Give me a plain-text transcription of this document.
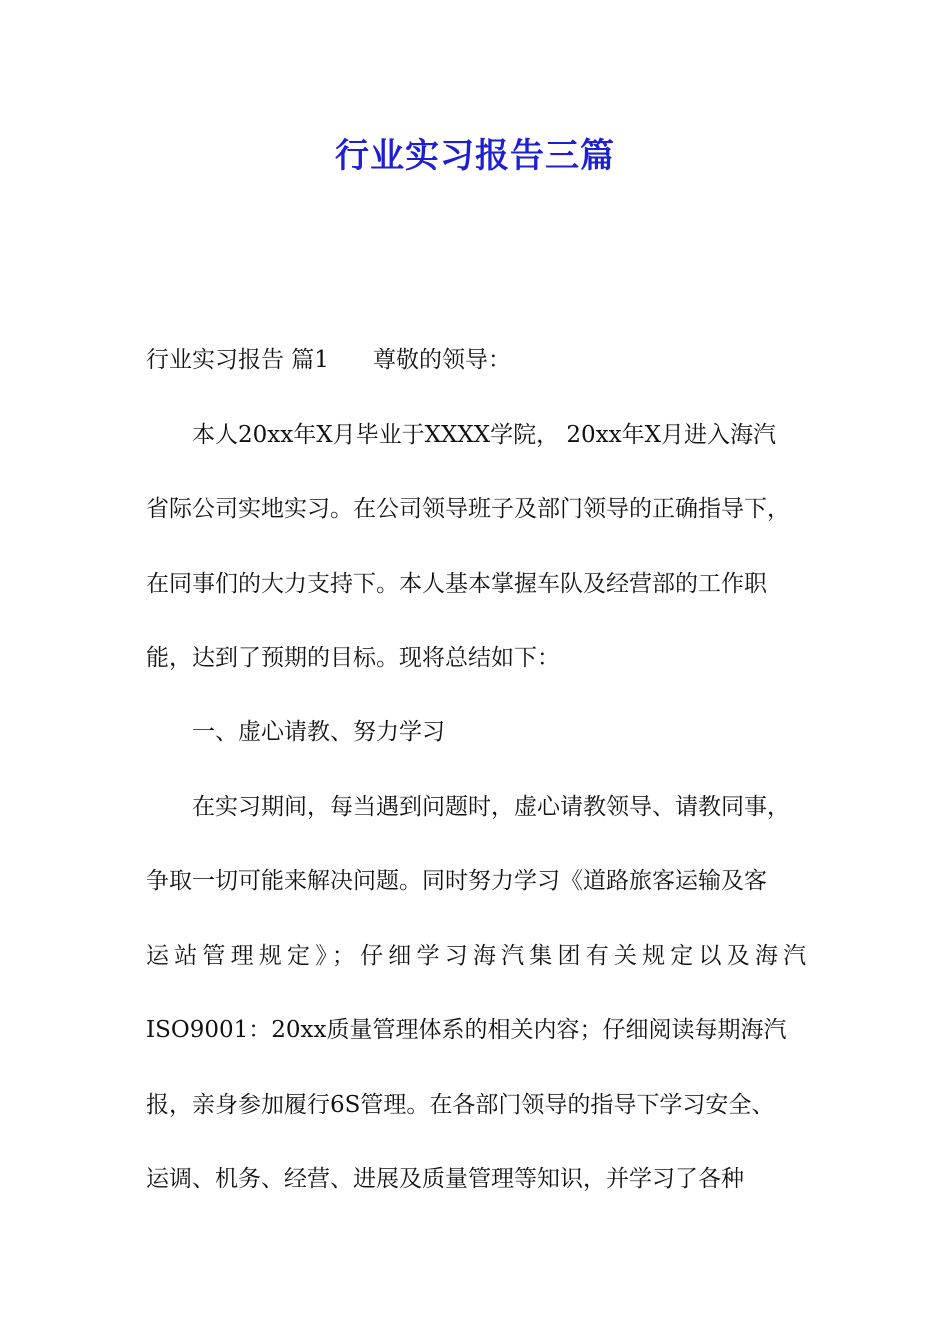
行业实习报告三篇

行业实习报告 篇1 尊敬的领导：

本人20xx年X月毕业于XXXX学院， 20xx年X月进入海汽

省际公司实地实习。在公司领导班子及部门领导的正确指导下，

在同事们的大力支持下。本人基本掌握车队及经营部的工作职

能，达到了预期的目标。现将总结如下：

一、虚心请教、努力学习

在实习期间，每当遇到问题时，虚心请教领导、请教同事，

争取一切可能来解决问题。同时努力学习《道路旅客运输及客

运站管理规定》；仔细学习海汽集团有关规定以及海汽

ISO9001：20xx质量管理体系的相关内容；仔细阅读每期海汽

报，亲身参加履行6S管理。在各部门领导的指导下学习安全、

运调、机务、经营、进展及质量管理等知识，并学习了各种
